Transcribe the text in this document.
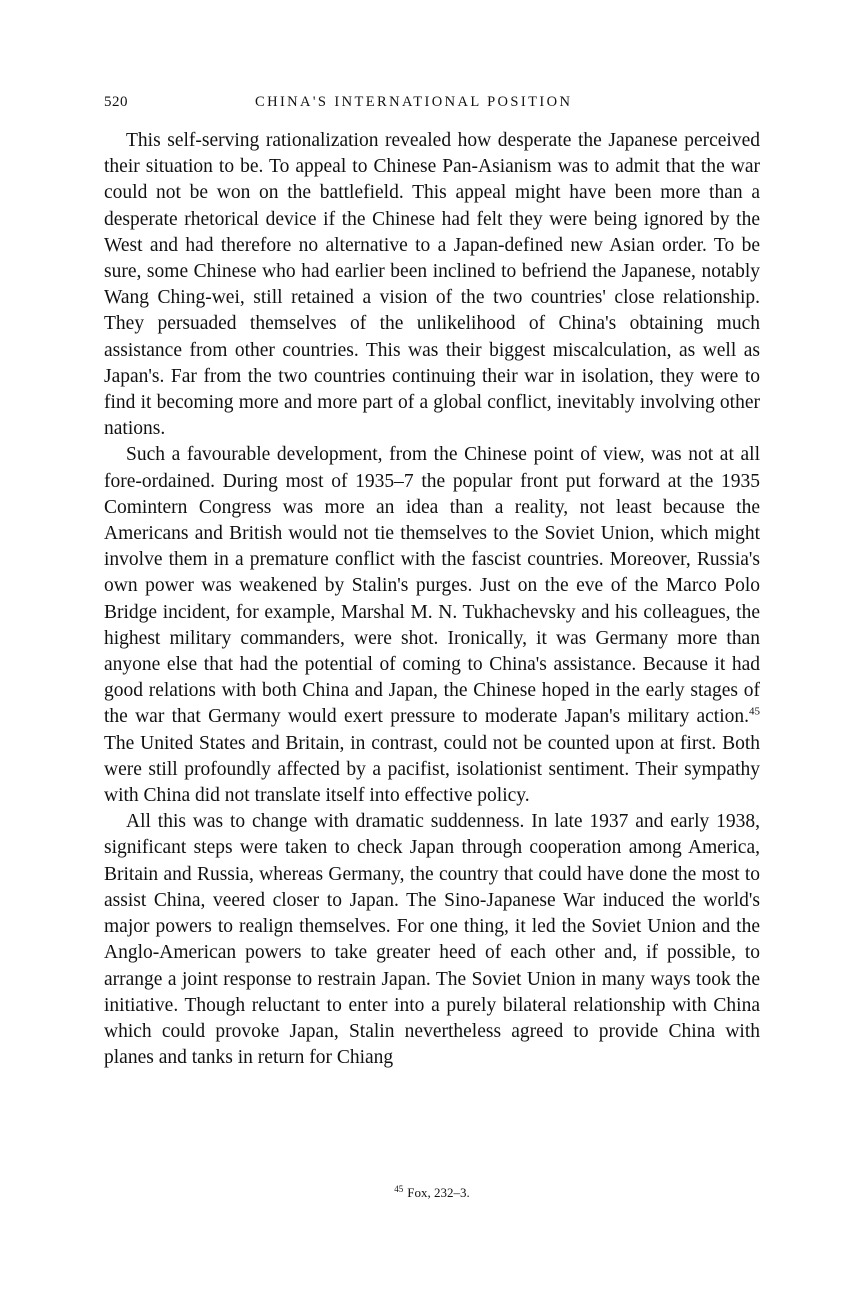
520	CHINA'S INTERNATIONAL POSITION

This self-serving rationalization revealed how desperate the Japanese perceived their situation to be. To appeal to Chinese Pan-Asianism was to admit that the war could not be won on the battlefield. This appeal might have been more than a desperate rhetorical device if the Chinese had felt they were being ignored by the West and had therefore no alternative to a Japan-defined new Asian order. To be sure, some Chinese who had earlier been inclined to befriend the Japanese, notably Wang Ching-wei, still retained a vision of the two countries' close relationship. They persuaded themselves of the unlikelihood of China's obtaining much assistance from other countries. This was their biggest miscalculation, as well as Japan's. Far from the two countries continuing their war in isolation, they were to find it becoming more and more part of a global conflict, inevitably involving other nations.

Such a favourable development, from the Chinese point of view, was not at all fore-ordained. During most of 1935–7 the popular front put forward at the 1935 Comintern Congress was more an idea than a reality, not least because the Americans and British would not tie themselves to the Soviet Union, which might involve them in a premature conflict with the fascist countries. Moreover, Russia's own power was weakened by Stalin's purges. Just on the eve of the Marco Polo Bridge incident, for example, Marshal M. N. Tukhachevsky and his colleagues, the highest military commanders, were shot. Ironically, it was Germany more than anyone else that had the potential of coming to China's assistance. Because it had good relations with both China and Japan, the Chinese hoped in the early stages of the war that Germany would exert pressure to moderate Japan's military action.$^{45}$ The United States and Britain, in contrast, could not be counted upon at first. Both were still profoundly affected by a pacifist, isolationist sentiment. Their sympathy with China did not translate itself into effective policy.

All this was to change with dramatic suddenness. In late 1937 and early 1938, significant steps were taken to check Japan through cooperation among America, Britain and Russia, whereas Germany, the country that could have done the most to assist China, veered closer to Japan. The Sino-Japanese War induced the world's major powers to realign themselves. For one thing, it led the Soviet Union and the Anglo-American powers to take greater heed of each other and, if possible, to arrange a joint response to restrain Japan. The Soviet Union in many ways took the initiative. Though reluctant to enter into a purely bilateral relationship with China which could provoke Japan, Stalin nevertheless agreed to provide China with planes and tanks in return for Chiang

$^{45}$ Fox, 232–3.
